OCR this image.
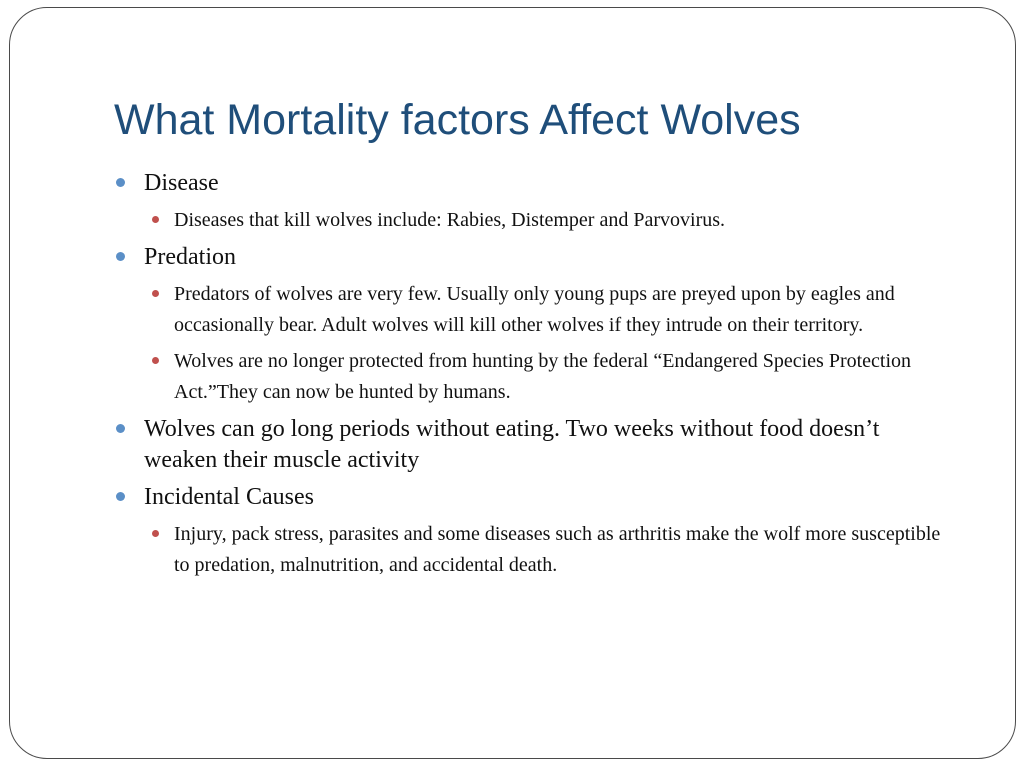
What Mortality factors Affect Wolves
Disease
Diseases that kill wolves include: Rabies, Distemper and Parvovirus.
Predation
Predators of wolves are very few. Usually only young pups are preyed upon by eagles and occasionally bear. Adult wolves will kill other wolves if they intrude on their territory.
Wolves are no longer protected from hunting by the federal “Endangered Species Protection Act.”They can now be hunted by humans.
Wolves can go long periods without eating. Two weeks without food doesn’t weaken their muscle activity
Incidental Causes
Injury, pack stress, parasites and some diseases such as arthritis make the wolf more susceptible to predation, malnutrition, and accidental death.
